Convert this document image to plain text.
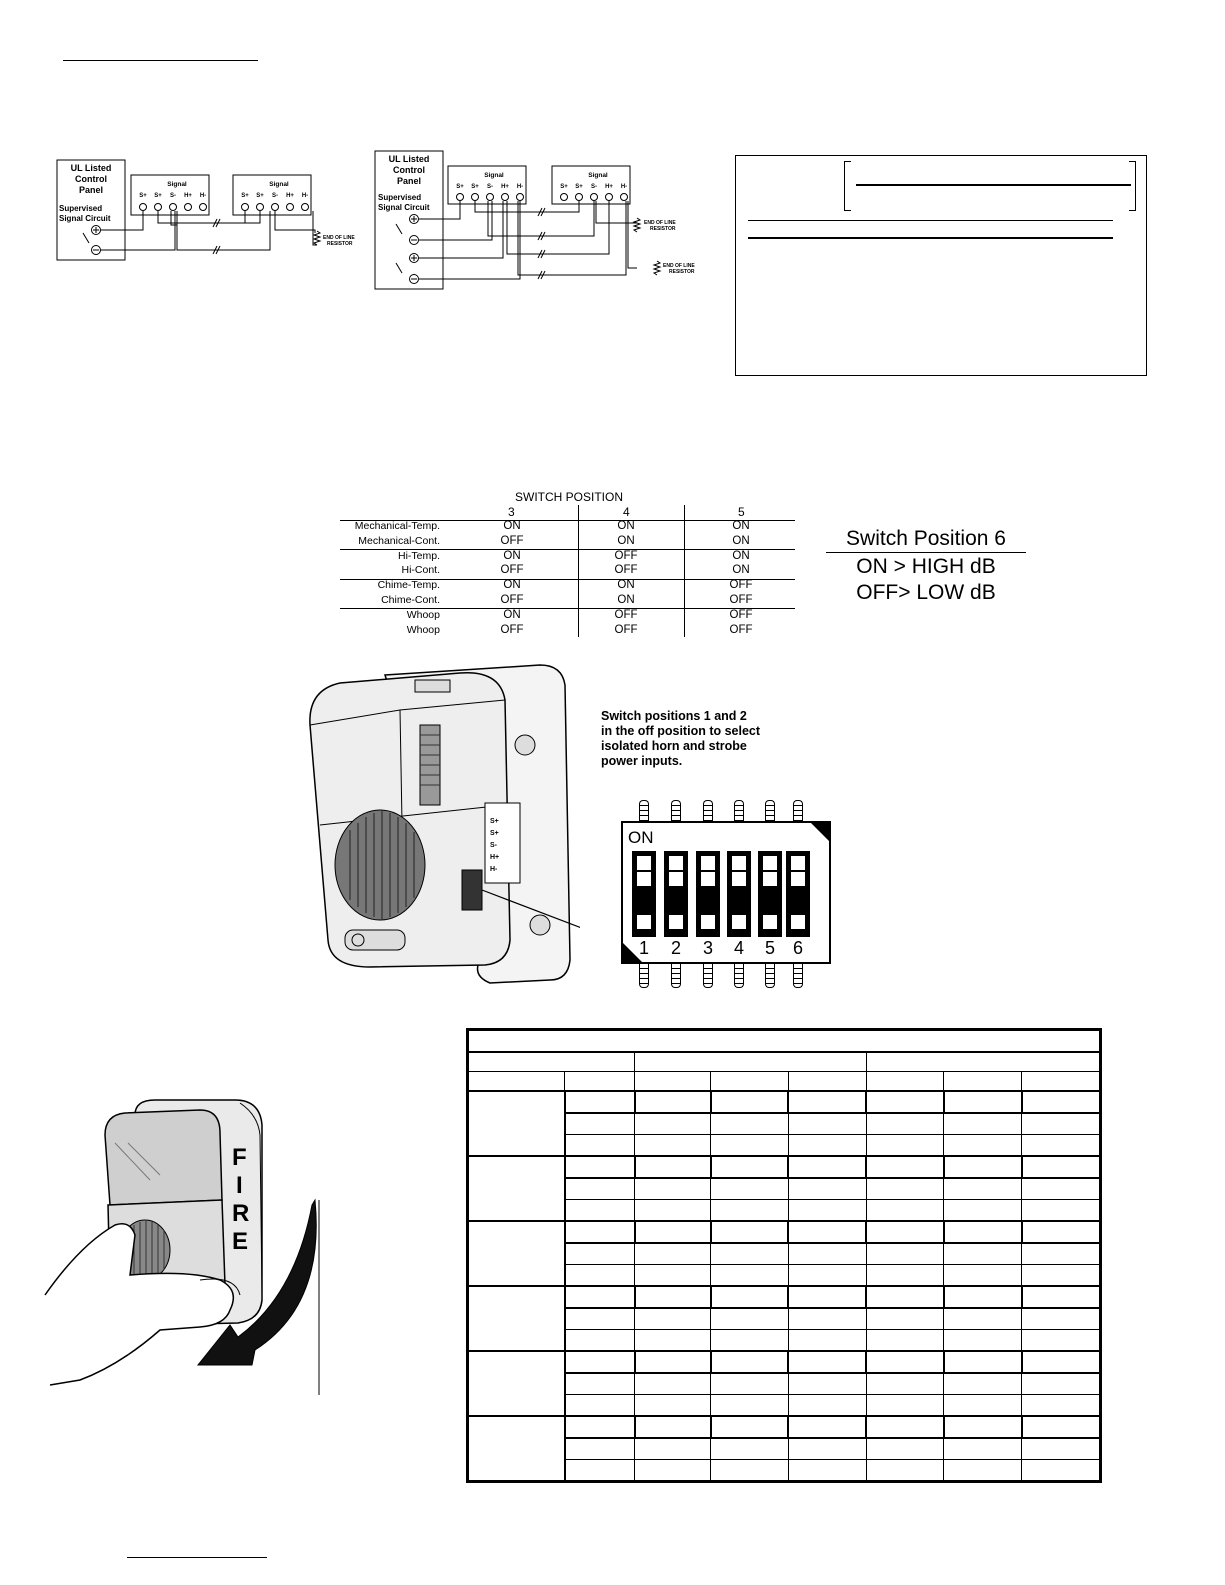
UL Listed
Control
Panel
Supervised
Signal Circuit
Signal
S+ S+ S- H+ H-
Signal
S+ S+ S- H+ H-
END OF LINE
RESISTOR
UL Listed
Control
Panel
Supervised
Signal Circuit
Signal
S+ S+ S- H+ H-
Signal
S+ S+ S- H+ H-
END OF LINE
RESISTOR
END OF LINE
RESISTOR
SWITCH POSITION
3	4	5
Mechanical-Temp.	ON	ON	ON
Mechanical-Cont.	OFF	ON	ON
Hi-Temp.	ON	OFF	ON
Hi-Cont.	OFF	OFF	ON
Chime-Temp.	ON	ON	OFF
Chime-Cont.	OFF	ON	OFF
Whoop	ON	OFF	OFF
Whoop	OFF	OFF	OFF
Switch Position 6
ON > HIGH dB
OFF> LOW dB
S+
S+
S-
H+
H-
Switch positions 1 and 2
in the off position to select
isolated horn and strobe
power inputs.
ON
1 2 3 4 5 6
F I R E
